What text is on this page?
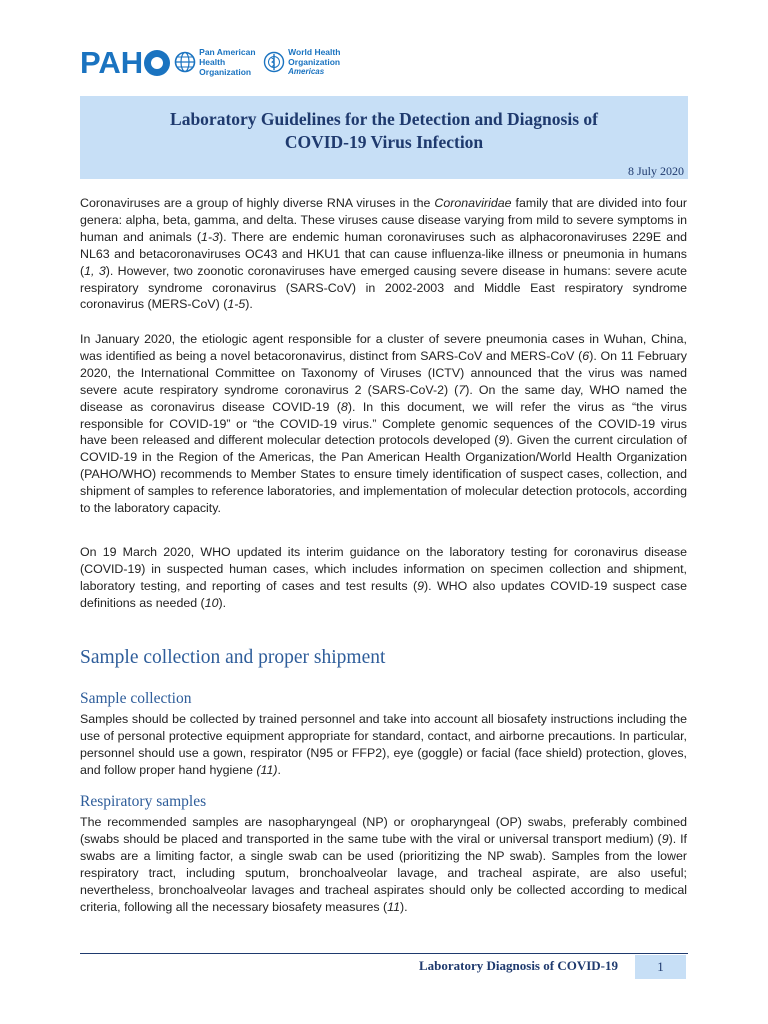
PAH	Pan American
Health
Organization
World Health
Organization
Americas
Laboratory Guidelines for the Detection and Diagnosis of
COVID-19 Virus Infection
8 July 2020
Coronaviruses are a group of highly diverse RNA viruses in the Coronaviridae family that are divided into four genera: alpha, beta, gamma, and delta. These viruses cause disease varying from mild to severe symptoms in human and animals (1-3). There are endemic human coronaviruses such as alphacoronaviruses 229E and NL63 and betacoronaviruses OC43 and HKU1 that can cause influenza-like illness or pneumonia in humans (1, 3). However, two zoonotic coronaviruses have emerged causing severe disease in humans: severe acute respiratory syndrome coronavirus (SARS-CoV) in 2002-2003 and Middle East respiratory syndrome coronavirus (MERS-CoV) (1-5).
In January 2020, the etiologic agent responsible for a cluster of severe pneumonia cases in Wuhan, China, was identified as being a novel betacoronavirus, distinct from SARS-CoV and MERS-CoV (6). On 11 February 2020, the International Committee on Taxonomy of Viruses (ICTV) announced that the virus was named severe acute respiratory syndrome coronavirus 2 (SARS-CoV-2) (7). On the same day, WHO named the disease as coronavirus disease COVID-19 (8). In this document, we will refer the virus as “the virus responsible for COVID-19” or “the COVID-19 virus.” Complete genomic sequences of the COVID-19 virus have been released and different molecular detection protocols developed (9). Given the current circulation of COVID-19 in the Region of the Americas, the Pan American Health Organization/World Health Organization (PAHO/WHO) recommends to Member States to ensure timely identification of suspect cases, collection, and shipment of samples to reference laboratories, and implementation of molecular detection protocols, according to the laboratory capacity.
On 19 March 2020, WHO updated its interim guidance on the laboratory testing for coronavirus disease (COVID-19) in suspected human cases, which includes information on specimen collection and shipment, laboratory testing, and reporting of cases and test results (9). WHO also updates COVID-19 suspect case definitions as needed (10).
Sample collection and proper shipment
Sample collection
Samples should be collected by trained personnel and take into account all biosafety instructions including the use of personal protective equipment appropriate for standard, contact, and airborne precautions. In particular, personnel should use a gown, respirator (N95 or FFP2), eye (goggle) or facial (face shield) protection, gloves, and follow proper hand hygiene (11).
Respiratory samples
The recommended samples are nasopharyngeal (NP) or oropharyngeal (OP) swabs, preferably combined (swabs should be placed and transported in the same tube with the viral or universal transport medium) (9). If swabs are a limiting factor, a single swab can be used (prioritizing the NP swab). Samples from the lower respiratory tract, including sputum, bronchoalveolar lavage, and tracheal aspirate, are also useful; nevertheless, bronchoalveolar lavages and tracheal aspirates should only be collected according to medical criteria, following all the necessary biosafety measures (11).
Laboratory Diagnosis of COVID-19	1
